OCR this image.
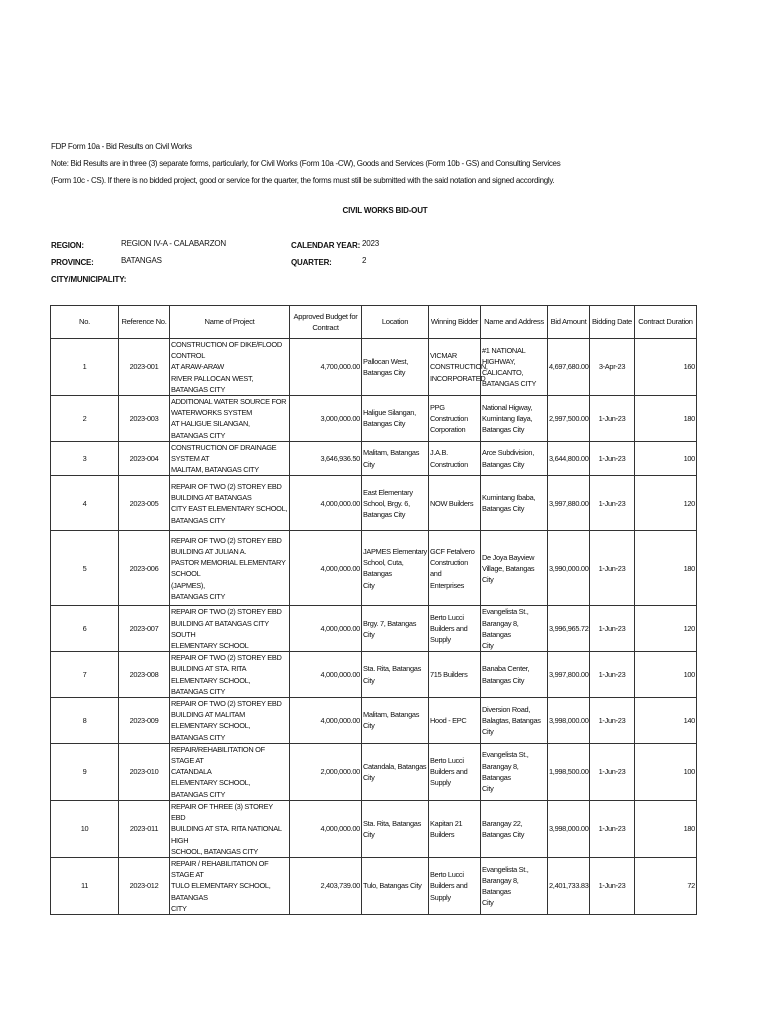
FDP Form 10a - Bid Results on Civil Works
Note: Bid Results are in three (3) separate forms, particularly, for Civil Works (Form 10a -CW), Goods and Services (Form 10b - GS) and Consulting Services
(Form 10c - CS). If there is no bidded project, good or service for the quarter, the forms must still be submitted with the said notation and signed accordingly.
CIVIL WORKS BID-OUT
REGION:	REGION IV-A - CALABARZON
PROVINCE:	BATANGAS
CITY/MUNICIPALITY:
CALENDAR YEAR: 2023
QUARTER:	2
No.	Reference No.	Name of Project	Approved Budget for Contract	Location	Winning Bidder	Name and Address	Bid Amount	Bidding Date	Contract Duration
1	2023-001	CONSTRUCTION OF DIKE/FLOOD CONTROL
AT ARAW-ARAW
RIVER PALLOCAN WEST, BATANGAS CITY	4,700,000.00	Pallocan West,
Batangas City	VICMAR
CONSTRUCTION,
INCORPORATED	#1 NATIONAL
HIGHWAY,
CALICANTO,
BATANGAS CITY	4,697,680.00	3-Apr-23	160
2	2023-003	ADDITIONAL WATER SOURCE FOR
WATERWORKS SYSTEM
AT HALIGUE SILANGAN, BATANGAS CITY	3,000,000.00	Haligue Silangan,
Batangas City	PPG Construction
Corporation	National Higway,
Kumintang Ilaya,
Batangas City	2,997,500.00	1-Jun-23	180
3	2023-004	CONSTRUCTION OF DRAINAGE SYSTEM AT
MALITAM, BATANGAS CITY	3,646,936.50	Malitam, Batangas City	J.A.B.
Construction	Arce Subdivision,
Batangas City	3,644,800.00	1-Jun-23	100
4	2023-005	REPAIR OF TWO (2) STOREY EBD
BUILDING AT BATANGAS
CITY EAST ELEMENTARY SCHOOL,
BATANGAS CITY	4,000,000.00	East Elementary
School, Brgy. 6,
Batangas City	NOW Builders	Kumintang Ibaba,
Batangas City	3,997,880.00	1-Jun-23	120
5	2023-006	REPAIR OF TWO (2) STOREY EBD
BUILDING AT JULIAN A.
PASTOR MEMORIAL ELEMENTARY SCHOOL
(JAPMES),
BATANGAS CITY	4,000,000.00	JAPMES Elementary
School, Cuta, Batangas
City	GCF Fetalvero
Construction and
Enterprises	De Joya Bayview
Village, Batangas City	3,990,000.00	1-Jun-23	180
6	2023-007	REPAIR OF TWO (2) STOREY EBD
BUILDING AT BATANGAS CITY SOUTH
ELEMENTARY SCHOOL	4,000,000.00	Brgy. 7, Batangas City	Berto Lucci
Builders and
Supply	Evangelista St.,
Barangay 8, Batangas
City	3,996,965.72	1-Jun-23	120
7	2023-008	REPAIR OF TWO (2) STOREY EBD
BUILDING AT STA. RITA
ELEMENTARY SCHOOL, BATANGAS CITY	4,000,000.00	Sta. Rita, Batangas City	715 Builders	Banaba Center,
Batangas City	3,997,800.00	1-Jun-23	100
8	2023-009	REPAIR OF TWO (2) STOREY EBD
BUILDING AT MALITAM
ELEMENTARY SCHOOL, BATANGAS CITY	4,000,000.00	Malitam, Batangas City	Hood - EPC	Diversion Road,
Balagtas, Batangas
City	3,998,000.00	1-Jun-23	140
9	2023-010	REPAIR/REHABILITATION OF STAGE AT
CATANDALA
ELEMENTARY SCHOOL, BATANGAS CITY	2,000,000.00	Catandala, Batangas
City	Berto Lucci
Builders and
Supply	Evangelista St.,
Barangay 8, Batangas
City	1,998,500.00	1-Jun-23	100
10	2023-011	REPAIR OF THREE (3) STOREY EBD
BUILDING AT STA. RITA NATIONAL HIGH
SCHOOL, BATANGAS CITY	4,000,000.00	Sta. Rita, Batangas City	Kapitan 21
Builders	Barangay 22,
Batangas City	3,998,000.00	1-Jun-23	180
11	2023-012	REPAIR / REHABILITATION OF STAGE AT
TULO ELEMENTARY SCHOOL, BATANGAS
CITY	2,403,739.00	Tulo, Batangas City	Berto Lucci
Builders and
Supply	Evangelista St.,
Barangay 8, Batangas
City	2,401,733.83	1-Jun-23	72
